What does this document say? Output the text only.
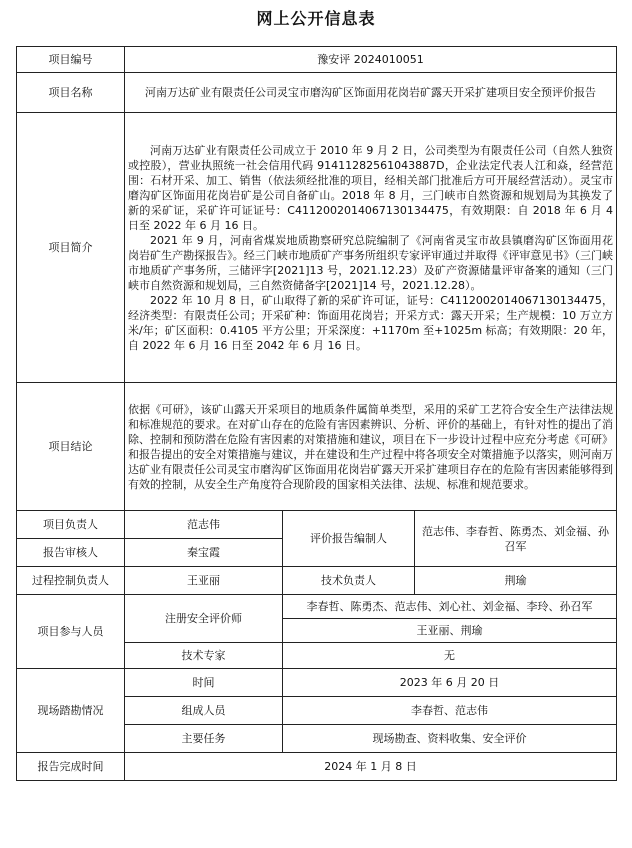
网上公开信息表
项目编号	豫安评 2024010051		
项目名称	河南万达矿业有限责任公司灵宝市磨沟矿区饰面用花岗岩矿露天开采扩建项目安全预评价报告		
项目简介	河南万达矿业有限责任公司成立于 2010 年 9 月 2 日，公司类型为有限责任公司（自然人独资或控股），营业执照统一社会信用代码 91411282561043887D，企业法定代表人江和焱，经营范围：石材开采、加工、销售（依法须经批准的项目，经相关部门批准后方可开展经营活动）。灵宝市磨沟矿区饰面用花岗岩矿是公司自备矿山。2018 年 8 月，三门峡市自然资源和规划局为其换发了新的采矿证，采矿许可证证号：C4112002014067130134475，有效期限：自 2018 年 6 月 4 日至 2022 年 6 月 16 日。

2021 年 9 月，河南省煤炭地质勘察研究总院编制了《河南省灵宝市故县镇磨沟矿区饰面用花岗岩矿生产勘探报告》。经三门峡市地质矿产事务所组织专家评审通过并取得《评审意见书》（三门峡市地质矿产事务所，三储评字[2021]13 号，2021.12.23）及矿产资源储量评审备案的通知（三门峡市自然资源和规划局，三自然资储备字[2021]14 号，2021.12.28）。

2022 年 10 月 8 日，矿山取得了新的采矿许可证，证号：C4112002014067130134475，经济类型：有限责任公司；开采矿种：饰面用花岗岩；开采方式：露天开采；生产规模：10 万立方米/年；矿区面积：0.4105 平方公里；开采深度：+1170m 至+1025m 标高；有效期限：20 年，自 2022 年 6 月 16 日至 2042 年 6 月 16 日。		

项目结论	依据《可研》，该矿山露天开采项目的地质条件属简单类型，采用的采矿工艺符合安全生产法律法规和标准规范的要求。在对矿山存在的危险有害因素辨识、分析、评价的基础上，有针对性的提出了消除、控制和预防潜在危险有害因素的对策措施和建议，项目在下一步设计过程中应充分考虑《可研》和报告提出的安全对策措施与建议，并在建设和生产过程中将各项安全对策措施予以落实，则河南万达矿业有限责任公司灵宝市磨沟矿区饰面用花岗岩矿露天开采扩建项目存在的危险有害因素能够得到有效的控制，从安全生产角度符合现阶段的国家相关法律、法规、标准和规范要求。		
项目负责人	范志伟	评价报告编制人	范志伟、李春哲、陈勇杰、刘金福、孙召军
报告审核人	秦宝霞		
过程控制负责人	王亚丽	技术负责人	荆瑜
项目参与人员	注册安全评价师	李春哲、陈勇杰、范志伟、刘心社、刘金福、李玲、孙召军	
		王亚丽、荆瑜	
	技术专家	无	
现场踏勘情况	时间	2023 年 6 月 20 日	
	组成人员	李春哲、范志伟	
	主要任务	现场勘查、资料收集、安全评价	
报告完成时间	2024 年 1 月 8 日		
